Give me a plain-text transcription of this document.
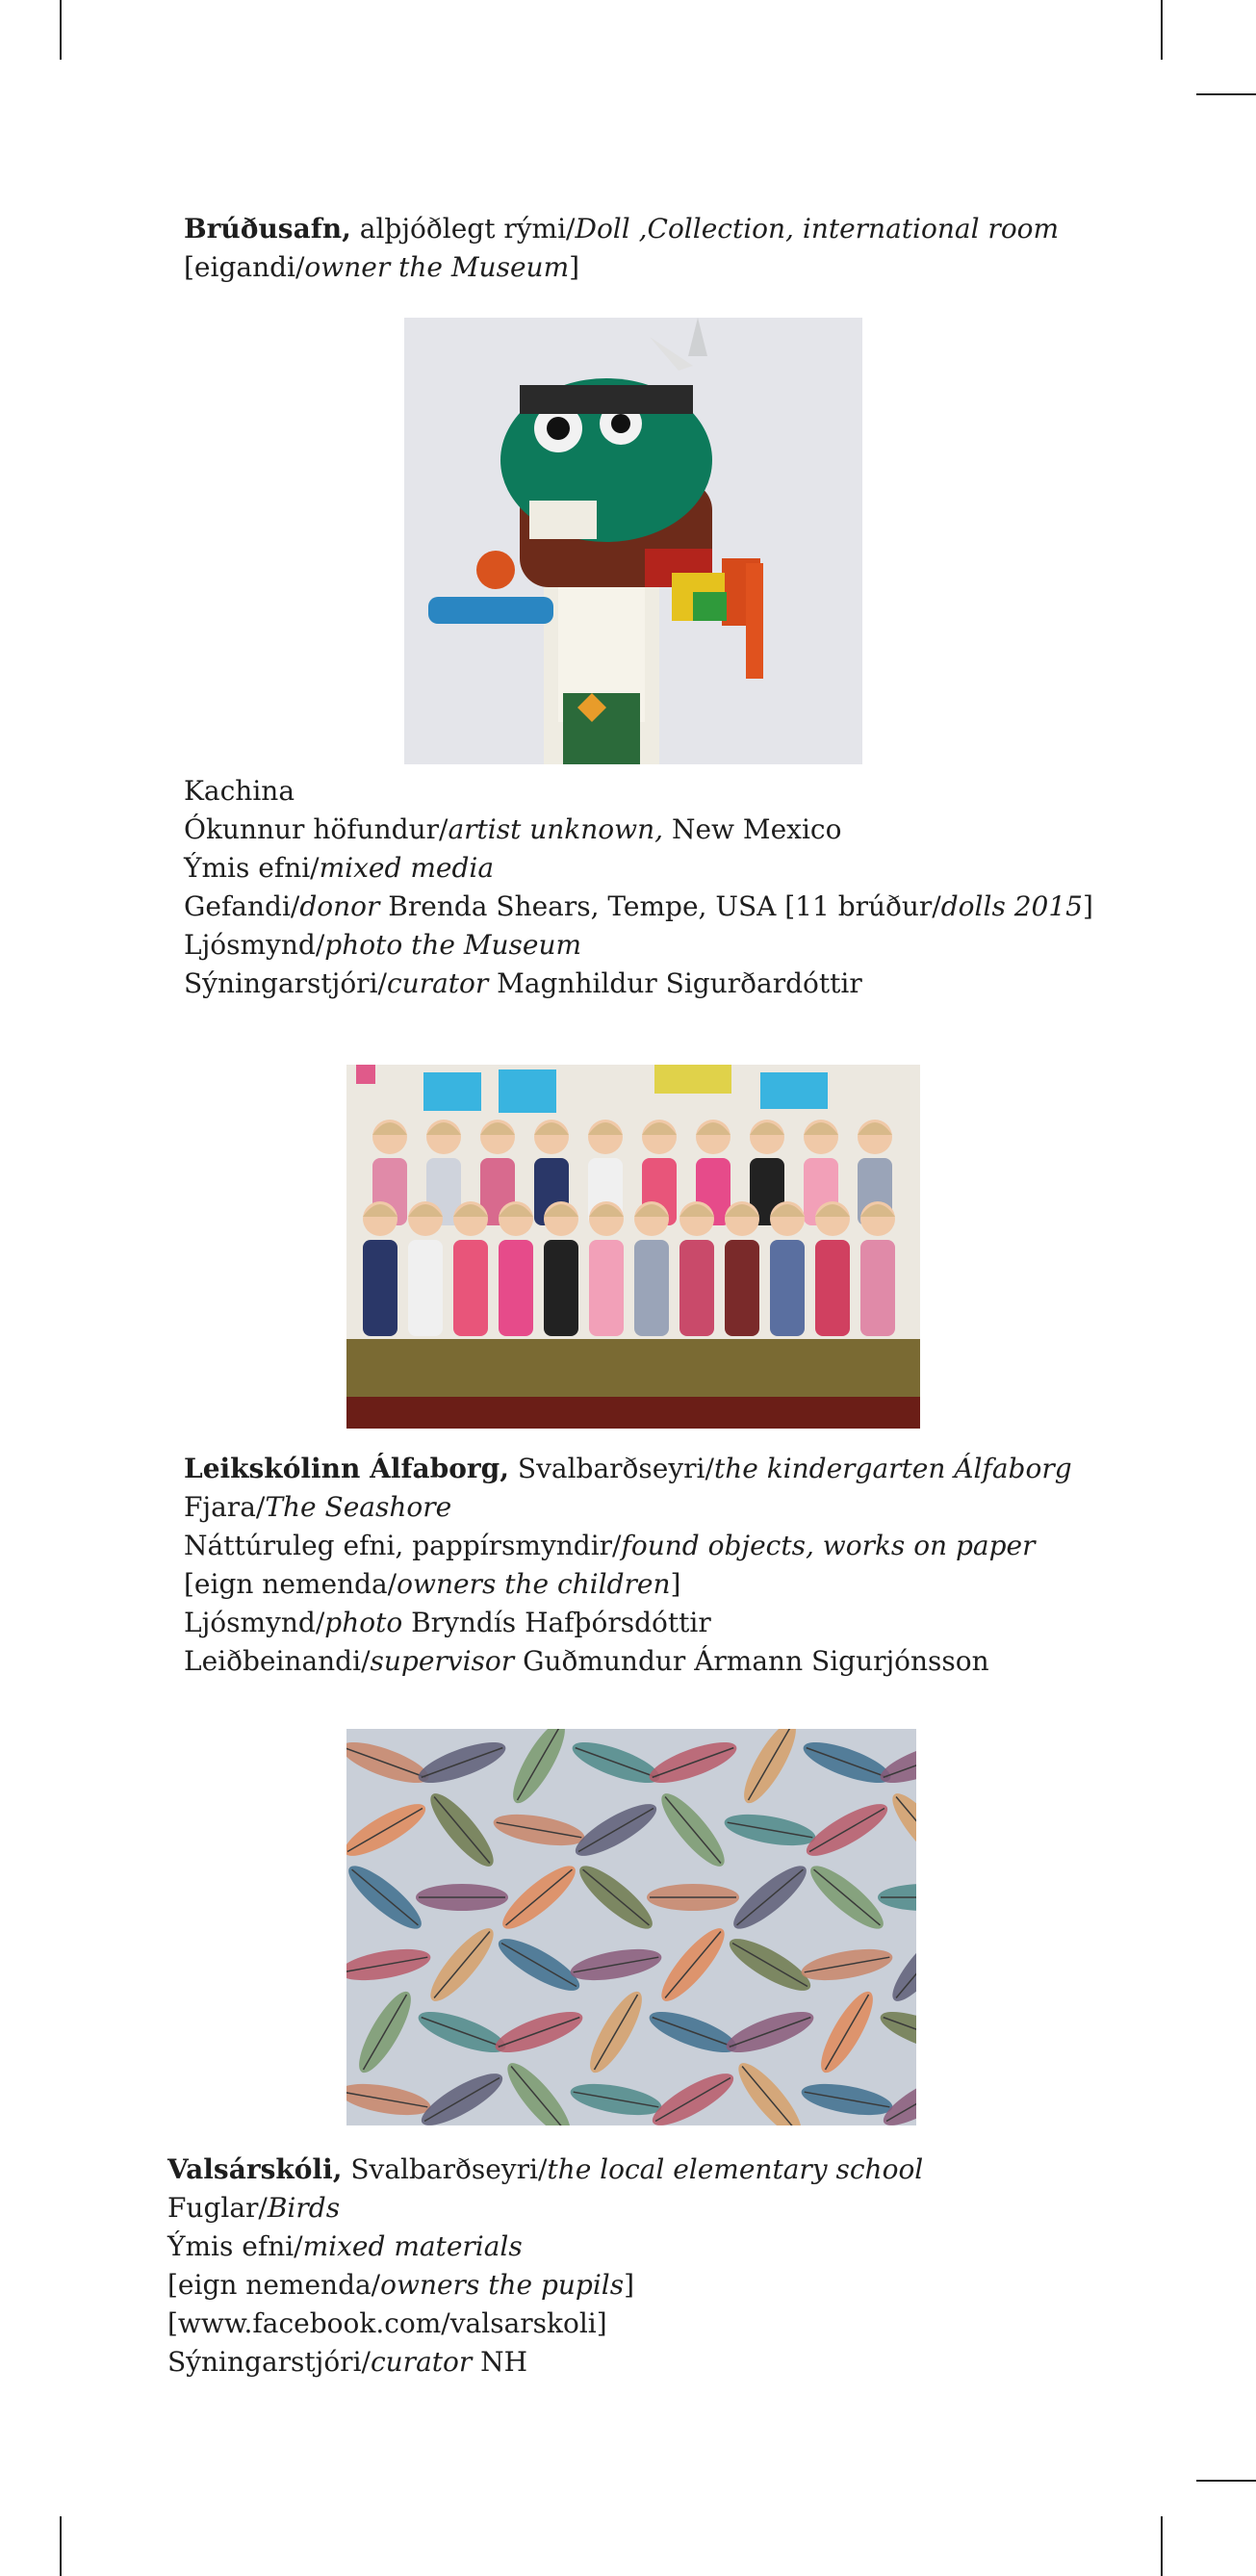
Brúðusafn, alþjóðlegt rými/Doll ,Collection, international room

[eigandi/owner the Museum]

Kachina

Ókunnur höfundur/artist unknown, New Mexico

Ýmis efni/mixed media

Gefandi/donor Brenda Shears, Tempe, USA [11 brúður/dolls 2015]

Ljósmynd/photo the Museum

Sýningarstjóri/curator Magnhildur Sigurðardóttir

Leikskólinn Álfaborg, Svalbarðseyri/the kindergarten Álfaborg

Fjara/The Seashore

Náttúruleg efni, pappírsmyndir/found objects, works on paper

[eign nemenda/owners the children]

Ljósmynd/photo Bryndís Hafþórsdóttir

Leiðbeinandi/supervisor Guðmundur Ármann Sigurjónsson

Valsárskóli, Svalbarðseyri/the local elementary school

Fuglar/Birds

Ýmis efni/mixed materials

[eign nemenda/owners the pupils]

[www.facebook.com/valsarskoli]

Sýningarstjóri/curator NH
